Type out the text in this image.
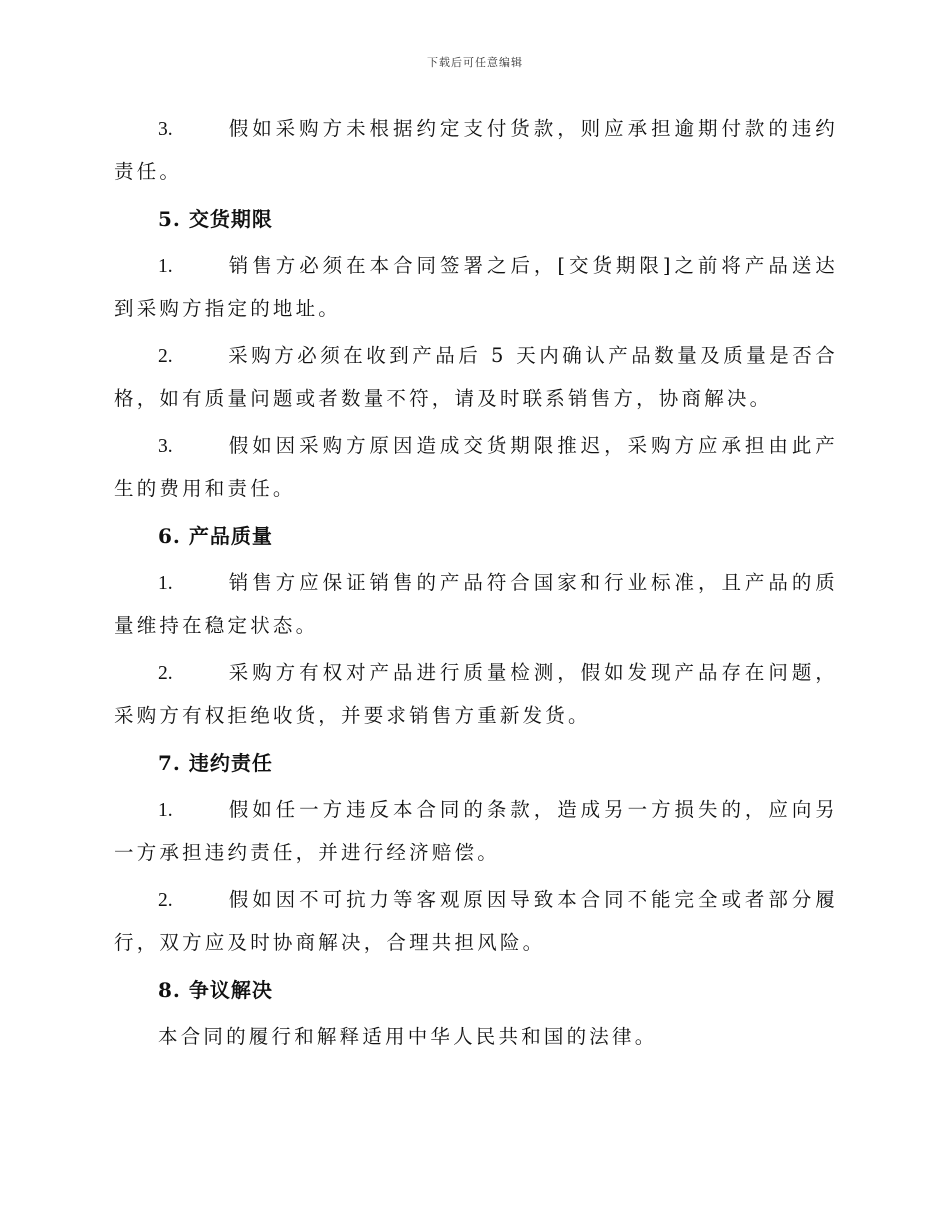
下载后可任意编辑

3.	假如采购方未根据约定支付货款，则应承担逾期付款的违约责任。

5. 交货期限

1.	销售方必须在本合同签署之后，[交货期限]之前将产品送达到采购方指定的地址。

2.	采购方必须在收到产品后 5 天内确认产品数量及质量是否合格，如有质量问题或者数量不符，请及时联系销售方，协商解决。

3.	假如因采购方原因造成交货期限推迟，采购方应承担由此产生的费用和责任。

6. 产品质量

1.	销售方应保证销售的产品符合国家和行业标准，且产品的质量维持在稳定状态。

2.	采购方有权对产品进行质量检测，假如发现产品存在问题，采购方有权拒绝收货，并要求销售方重新发货。

7. 违约责任

1.	假如任一方违反本合同的条款，造成另一方损失的，应向另一方承担违约责任，并进行经济赔偿。

2.	假如因不可抗力等客观原因导致本合同不能完全或者部分履行，双方应及时协商解决，合理共担风险。

8. 争议解决

本合同的履行和解释适用中华人民共和国的法律。
